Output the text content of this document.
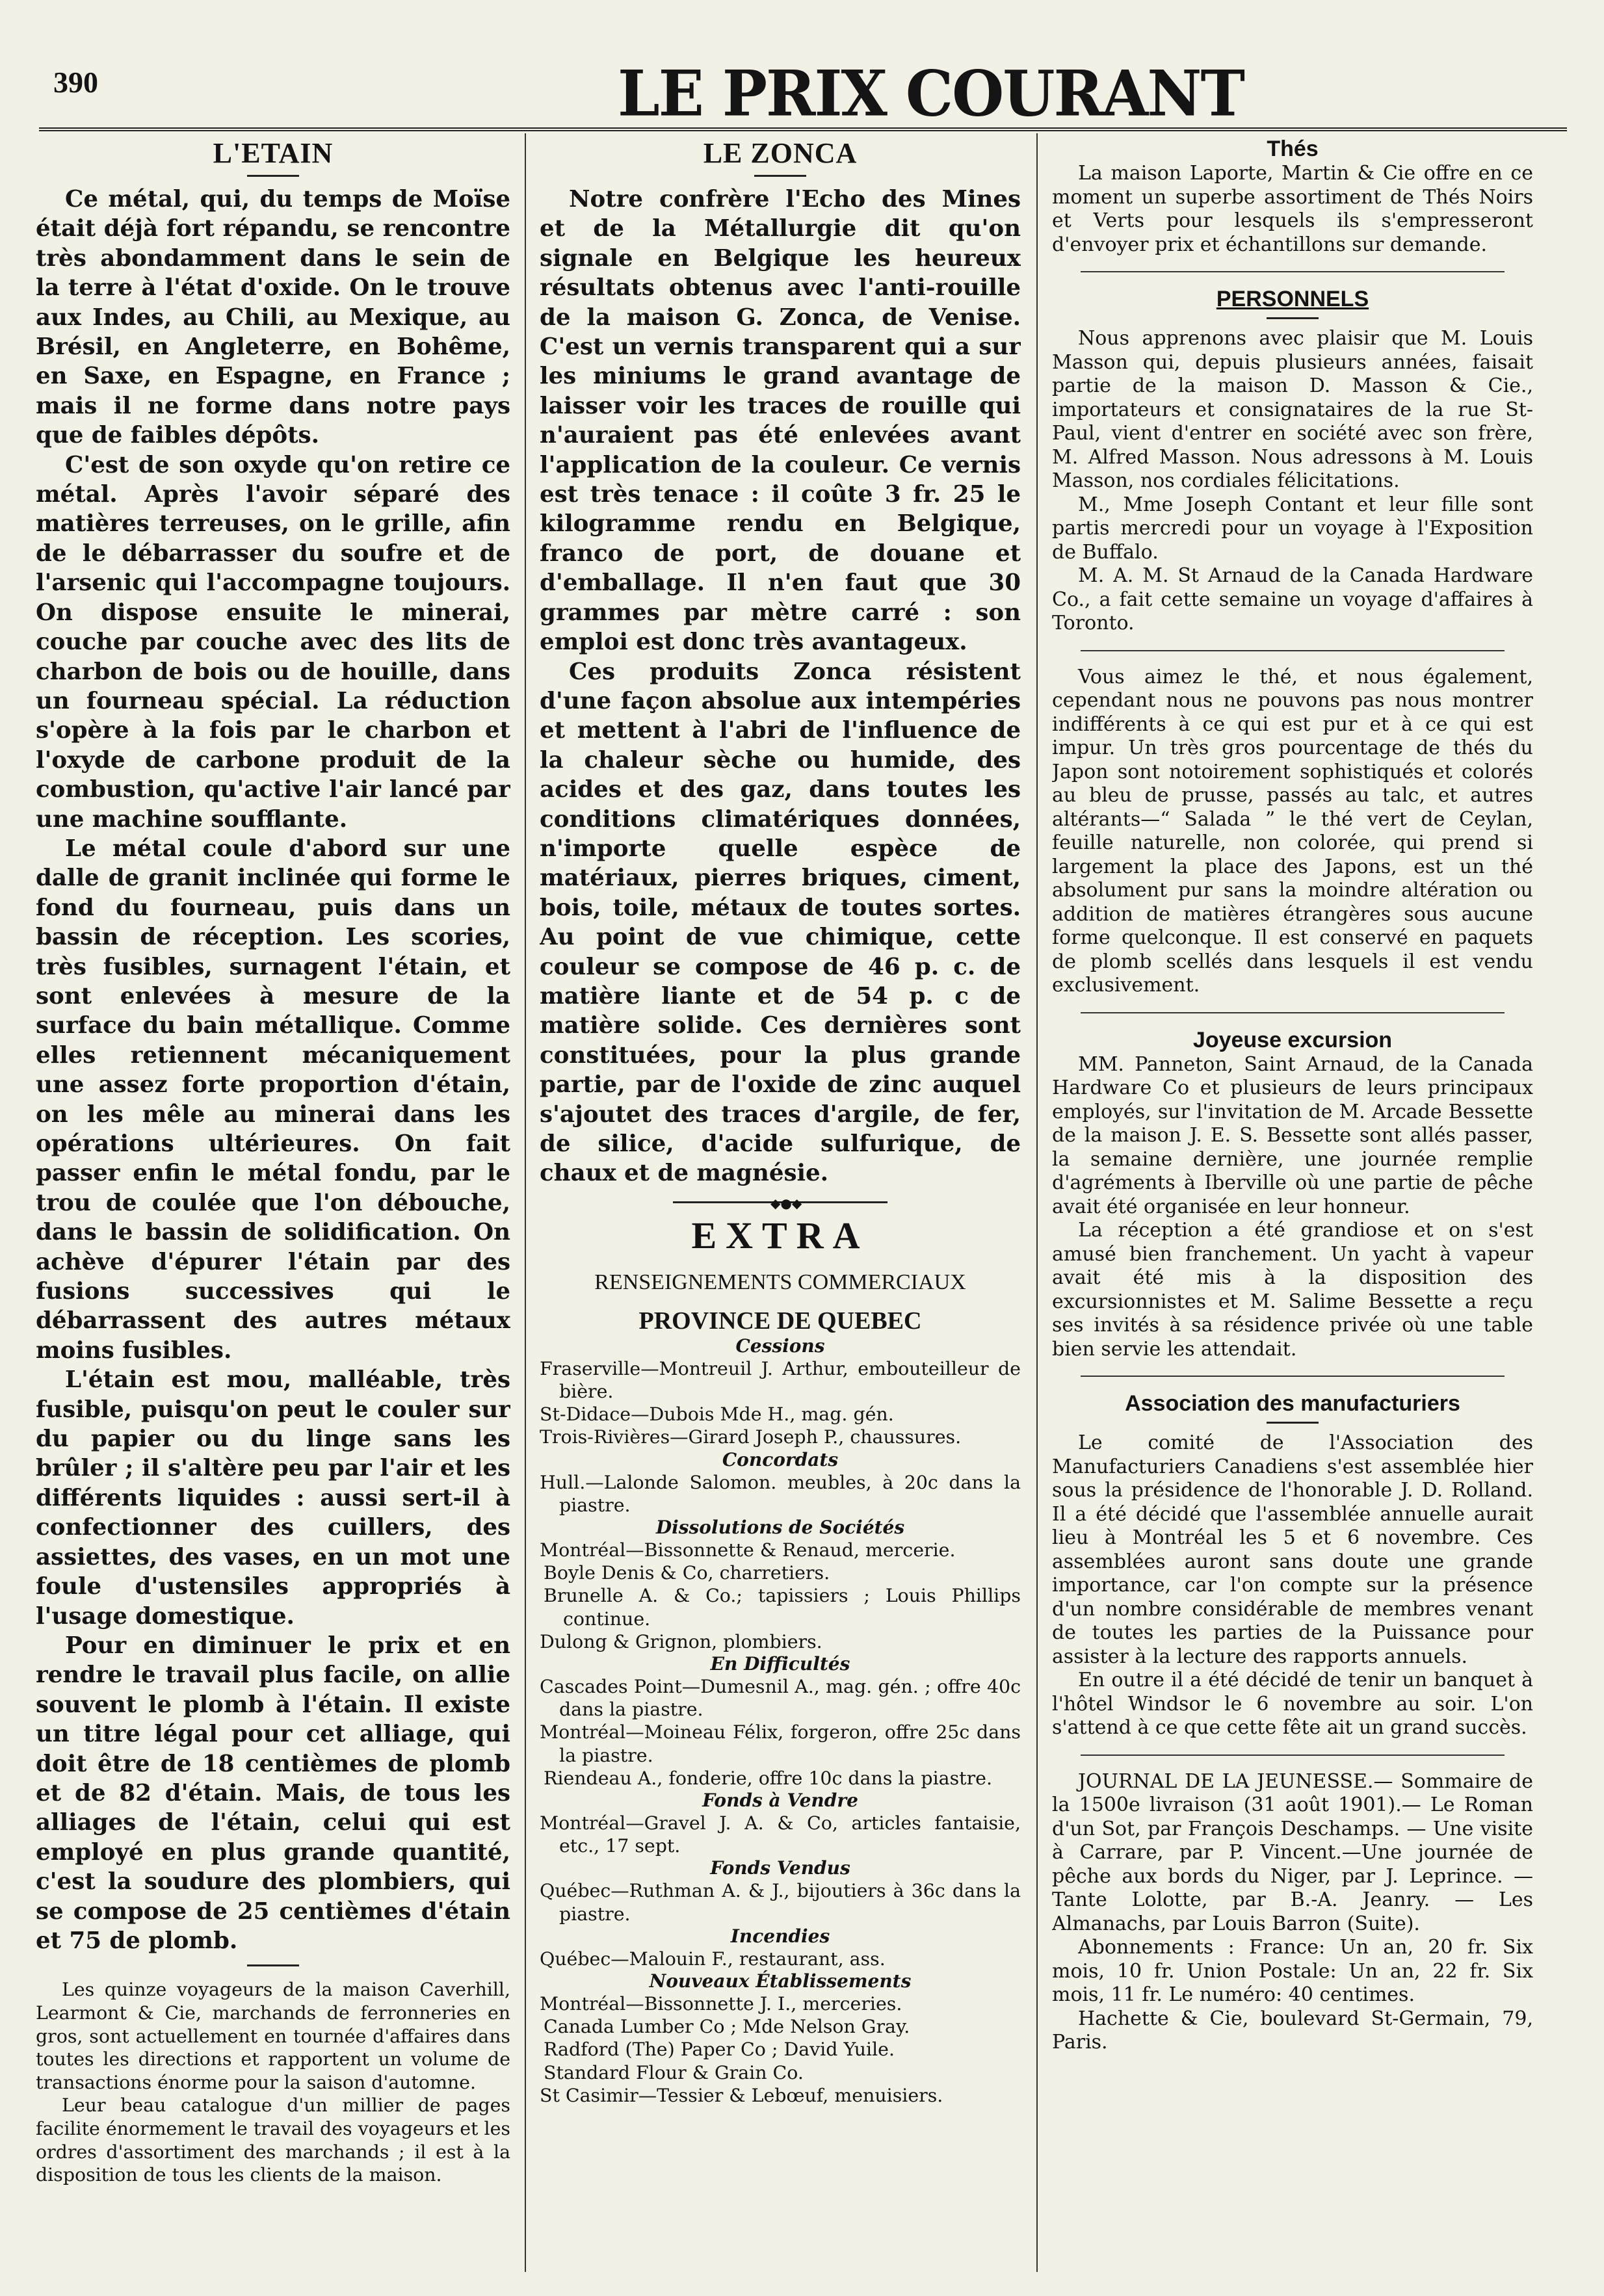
390	LE PRIX COURANT
L'ETAIN

Ce métal, qui, du temps de Moïse était déjà fort répandu, se rencontre très abondamment dans le sein de la terre à l'état d'oxide. On le trouve aux Indes, au Chili, au Mexique, au Brésil, en Angleterre, en Bohême, en Saxe, en Espagne, en France ; mais il ne forme dans notre pays que de faibles dépôts.

C'est de son oxyde qu'on retire ce métal. Après l'avoir séparé des matières terreuses, on le grille, afin de le débarrasser du soufre et de l'arsenic qui l'accompagne toujours. On dispose ensuite le minerai, couche par couche avec des lits de charbon de bois ou de houille, dans un fourneau spécial. La réduction s'opère à la fois par le charbon et l'oxyde de carbone produit de la combustion, qu'active l'air lancé par une machine soufflante.

Le métal coule d'abord sur une dalle de granit inclinée qui forme le fond du fourneau, puis dans un bassin de réception. Les scories, très fusibles, surnagent l'étain, et sont enlevées à mesure de la surface du bain métallique. Comme elles retiennent mécaniquement une assez forte proportion d'étain, on les mêle au minerai dans les opérations ultérieures. On fait passer enfin le métal fondu, par le trou de coulée que l'on débouche, dans le bassin de solidification. On achève d'épurer l'étain par des fusions successives qui le débarrassent des autres métaux moins fusibles.

L'étain est mou, malléable, très fusible, puisqu'on peut le couler sur du papier ou du linge sans les brûler ; il s'altère peu par l'air et les différents liquides : aussi sert-il à confectionner des cuillers, des assiettes, des vases, en un mot une foule d'ustensiles appropriés à l'usage domestique.

Pour en diminuer le prix et en rendre le travail plus facile, on allie souvent le plomb à l'étain. Il existe un titre légal pour cet alliage, qui doit être de 18 centièmes de plomb et de 82 d'étain. Mais, de tous les alliages de l'étain, celui qui est employé en plus grande quantité, c'est la soudure des plombiers, qui se compose de 25 centièmes d'étain et 75 de plomb.

Les quinze voyageurs de la maison Caverhill, Learmont & Cie, marchands de ferronneries en gros, sont actuellement en tournée d'affaires dans toutes les directions et rapportent un volume de transactions énorme pour la saison d'automne.

Leur beau catalogue d'un millier de pages facilite énormement le travail des voyageurs et les ordres d'assortiment des marchands ; il est à la disposition de tous les clients de la maison.

LE ZONCA

Notre confrère l'Echo des Mines et de la Métallurgie dit qu'on signale en Belgique les heureux résultats obtenus avec l'anti-rouille de la maison G. Zonca, de Venise. C'est un vernis transparent qui a sur les miniums le grand avantage de laisser voir les traces de rouille qui n'auraient pas été enlevées avant l'application de la couleur. Ce vernis est très tenace : il coûte 3 fr. 25 le kilogramme rendu en Belgique, franco de port, de douane et d'emballage. Il n'en faut que 30 grammes par mètre carré : son emploi est donc très avantageux.

Ces produits Zonca résistent d'une façon absolue aux intempéries et mettent à l'abri de l'influence de la chaleur sèche ou humide, des acides et des gaz, dans toutes les conditions climatériques données, n'importe quelle espèce de matériaux, pierres briques, ciment, bois, toile, métaux de toutes sortes. Au point de vue chimique, cette couleur se compose de 46 p. c. de matière liante et de 54 p. c de matière solide. Ces dernières sont constituées, pour la plus grande partie, par de l'oxide de zinc auquel s'ajoutet des traces d'argile, de fer, de silice, d'acide sulfurique, de chaux et de magnésie.

◆●◆
EXTRA
RENSEIGNEMENTS COMMERCIAUX
PROVINCE DE QUEBEC
Cessions

Fraserville—Montreuil J. Arthur, embouteilleur de bière.

St-Didace—Dubois Mde H., mag. gén.

Trois-Rivières—Girard Joseph P., chaussures.

Concordats

Hull.—Lalonde Salomon. meubles, à 20c dans la piastre.

Dissolutions de Sociétés

Montréal—Bissonnette & Renaud, mercerie.

Boyle Denis & Co, charretiers.

Brunelle A. & Co.; tapissiers ; Louis Phillips continue.

Dulong & Grignon, plombiers.

En Difficultés

Cascades Point—Dumesnil A., mag. gén. ; offre 40c dans la piastre.

Montréal—Moineau Félix, forgeron, offre 25c dans la piastre.

Riendeau A., fonderie, offre 10c dans la piastre.

Fonds à Vendre

Montréal—Gravel J. A. & Co, articles fantaisie, etc., 17 sept.

Fonds Vendus

Québec—Ruthman A. & J., bijoutiers à 36c dans la piastre.

Incendies

Québec—Malouin F., restaurant, ass.

Nouveaux Établissements

Montréal—Bissonnette J. I., merceries.

Canada Lumber Co ; Mde Nelson Gray.

Radford (The) Paper Co ; David Yuile.

Standard Flour & Grain Co.

St Casimir—Tessier & Lebœuf, menuisiers.

Thés

La maison Laporte, Martin & Cie offre en ce moment un superbe assortiment de Thés Noirs et Verts pour lesquels ils s'empresseront d'envoyer prix et échantillons sur demande.

PERSONNELS

Nous apprenons avec plaisir que M. Louis Masson qui, depuis plusieurs années, faisait partie de la maison D. Masson & Cie., importateurs et consignataires de la rue St-Paul, vient d'entrer en société avec son frère, M. Alfred Masson. Nous adressons à M. Louis Masson, nos cordiales félicitations.

M., Mme Joseph Contant et leur fille sont partis mercredi pour un voyage à l'Exposition de Buffalo.

M. A. M. St Arnaud de la Canada Hardware Co., a fait cette semaine un voyage d'affaires à Toronto.

Vous aimez le thé, et nous également, cependant nous ne pouvons pas nous montrer indifférents à ce qui est pur et à ce qui est impur. Un très gros pourcentage de thés du Japon sont notoirement sophistiqués et colorés au bleu de prusse, passés au talc, et autres altérants—“ Salada ” le thé vert de Ceylan, feuille naturelle, non colorée, qui prend si largement la place des Japons, est un thé absolument pur sans la moindre altération ou addition de matières étrangères sous aucune forme quelconque. Il est conservé en paquets de plomb scellés dans lesquels il est vendu exclusivement.

Joyeuse excursion

MM. Panneton, Saint Arnaud, de la Canada Hardware Co et plusieurs de leurs principaux employés, sur l'invitation de M. Arcade Bessette de la maison J. E. S. Bessette sont allés passer, la semaine dernière, une journée remplie d'agréments à Iberville où une partie de pêche avait été organisée en leur honneur.

La réception a été grandiose et on s'est amusé bien franchement. Un yacht à vapeur avait été mis à la disposition des excursionnistes et M. Salime Bessette a reçu ses invités à sa résidence privée où une table bien servie les attendait.

Association des manufacturiers

Le comité de l'Association des Manufacturiers Canadiens s'est assemblée hier sous la présidence de l'honorable J. D. Rolland. Il a été décidé que l'assemblée annuelle aurait lieu à Montréal les 5 et 6 novembre. Ces assemblées auront sans doute une grande importance, car l'on compte sur la présence d'un nombre considérable de membres venant de toutes les parties de la Puissance pour assister à la lecture des rapports annuels.

En outre il a été décidé de tenir un banquet à l'hôtel Windsor le 6 novembre au soir. L'on s'attend à ce que cette fête ait un grand succès.

JOURNAL DE LA JEUNESSE.— Sommaire de la 1500e livraison (31 août 1901).— Le Roman d'un Sot, par François Deschamps. — Une visite à Carrare, par P. Vincent.—Une journée de pêche aux bords du Niger, par J. Leprince. — Tante Lolotte, par B.-A. Jeanry. — Les Almanachs, par Louis Barron (Suite).

Abonnements : France: Un an, 20 fr. Six mois, 10 fr. Union Postale: Un an, 22 fr. Six mois, 11 fr. Le numéro: 40 centimes.

Hachette & Cie, boulevard St-Germain, 79, Paris.
